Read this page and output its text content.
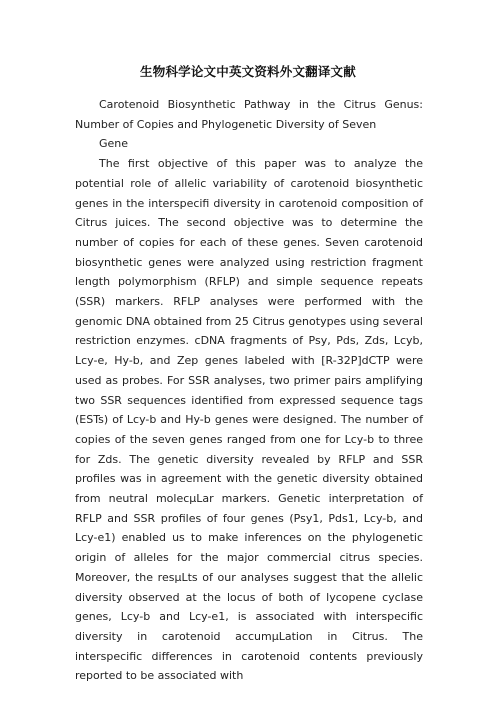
生物科学论文中英文资料外文翻译文献

Carotenoid Biosynthetic Pathway in the Citrus Genus:

Number of Copies and Phylogenetic Diversity of Seven

Gene

The first objective of this paper was to analyze the potential role of allelic variability of carotenoid biosynthetic genes in the interspecifi diversity in carotenoid composition of Citrus juices. The second objective was to determine the number of copies for each of these genes. Seven carotenoid biosynthetic genes were analyzed using restriction fragment length polymorphism (RFLP) and simple sequence repeats (SSR) markers. RFLP analyses were performed with the genomic DNA obtained from 25 Citrus genotypes using several restriction enzymes. cDNA fragments of Psy, Pds, Zds, Lcyb, Lcy-e, Hy-b, and Zep genes labeled with [R-32P]dCTP were used as probes. For SSR analyses, two primer pairs amplifying two SSR sequences identified from expressed sequence tags (ESTs) of Lcy-b and Hy-b genes were designed. The number of copies of the seven genes ranged from one for Lcy-b to three for Zds. The genetic diversity revealed by RFLP and SSR profiles was in agreement with the genetic diversity obtained from neutral molecμLar markers. Genetic interpretation of RFLP and SSR profiles of four genes (Psy1, Pds1, Lcy-b, and Lcy-e1) enabled us to make inferences on the phylogenetic origin of alleles for the major commercial citrus species. Moreover, the resμLts of our analyses suggest that the allelic diversity observed at the locus of both of lycopene cyclase genes, Lcy-b and Lcy-e1, is associated with interspecific diversity in carotenoid accumμLation in Citrus. The interspecific differences in carotenoid contents previously reported to be associated with
